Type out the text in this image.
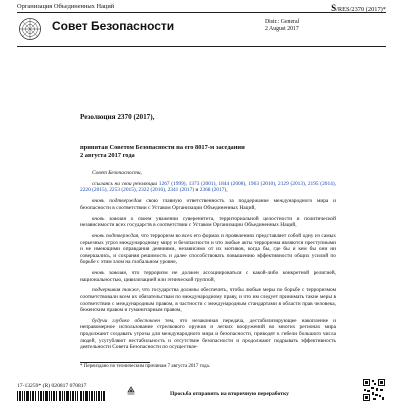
Организация Объединенных Наций	S/RES/2370 (2017)*
Совет Безопасности	Distr.: General
2 August 2017
Резолюция 2370 (2017),
принятая Советом Безопасности на его 8017-м заседании
2 августа 2017 года

Совет Безопасности,

ссылаясь на свои резолюции 1267 (1999), 1373 (2001), 1844 (2008), 1963 (2010), 2129 (2013), 2195 (2014), 2220 (2015), 2253 (2015), 2322 (2016), 2341 (2017) и 2368 (2017),

вновь подтверждая свою главную ответственность за поддержание международного мира и безопасности в соответствии с Уставом Организации Объединенных Наций,

вновь заявляя о своем уважении суверенитета, территориальной целостности и политической независимости всех государств в соответствии с Уставом Организации Объединенных Наций,

вновь подтверждая, что терроризм во всех его формах и проявлениях представляет собой одну из самых серьезных угроз международному миру и безопасности и что любые акты терроризма являются преступными и не имеющими оправдания деяниями, независимо от их мотивов, когда бы, где бы и кем бы они ни совершались, и сохраняя решимость и далее способствовать повышению эффективности общих усилий по борьбе с этим злом на глобальном уровне,

вновь заявляя, что терроризм не должен ассоциироваться с какой-либо конкретной религией, национальностью, цивилизацией или этнической группой,

подчеркивая также, что государства должны обеспечить, чтобы любые меры по борьбе с терроризмом соответствовали всем их обязательствам по международному праву, и что им следует принимать такие меры в соответствии с международным правом, в частности с международным стандартами в области прав человека, беженским правом и гуманитарным правом,

будучи глубоко обеспокоен тем, что незаконная передача, дестабилизирующее накопление и неправомерное использование стрелкового оружия и легких вооружений во многих регионах мира продолжают создавать угрозы для международного мира и безопасности, приводят к гибели большого числа людей, усугубляют нестабильность и отсутствие безопасности и продолжают подрывать эффективность деятельности Совета Безопасности по осуществле-

* Переиздано по техническим причинам 7 августа 2017 года.
17-13259* (R) 020817 070817
Просьба отправить на вторичную переработку
